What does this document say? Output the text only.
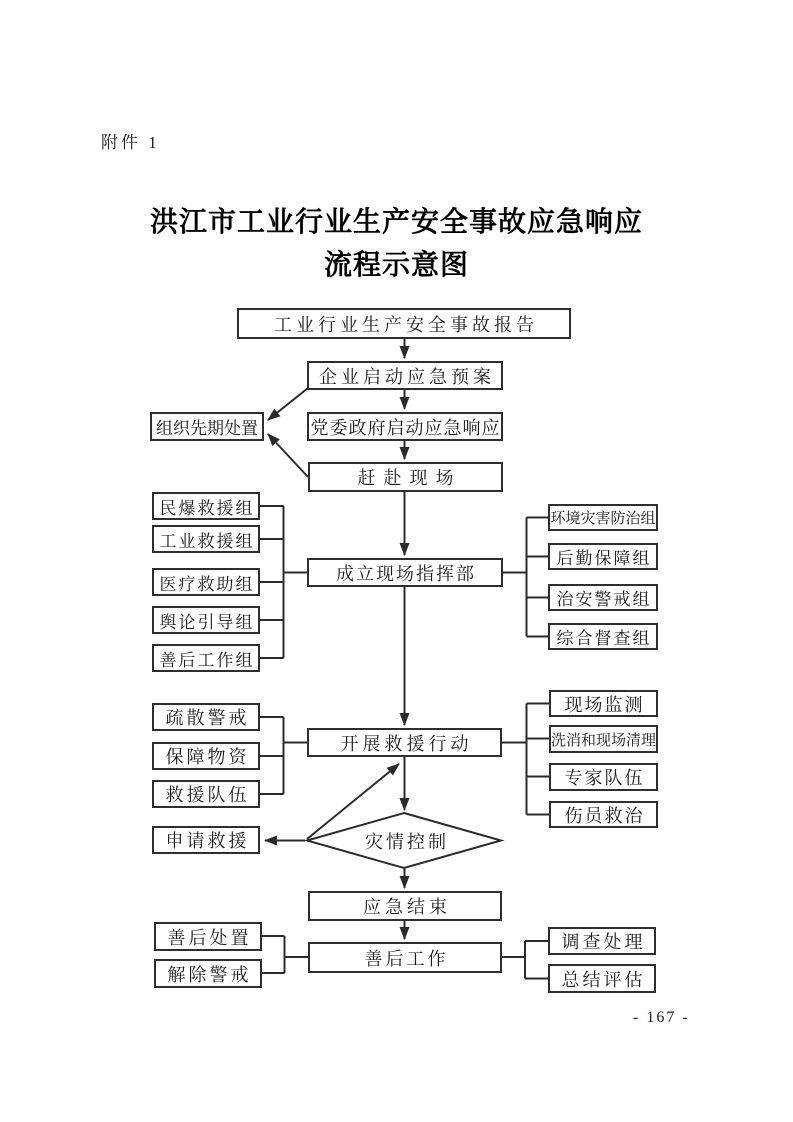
附件 1
洪江市工业行业生产安全事故应急响应
流程示意图
工业行业生产安全事故报告
企业启动应急预案
组织先期处置	党委政府启动应急响应
赶赴现场
成立现场指挥部
开展救援行动
申请救援
应急结束
善后工作
灾情控制
民爆救援组
工业救援组
医疗救助组
舆论引导组
善后工作组
环境灾害防治组
后勤保障组
治安警戒组
综合督查组
疏散警戒
保障物资
救援队伍
现场监测
洗消和现场清理
专家队伍
伤员救治
善后处置
解除警戒
调查处理
总结评估
- 167 -
